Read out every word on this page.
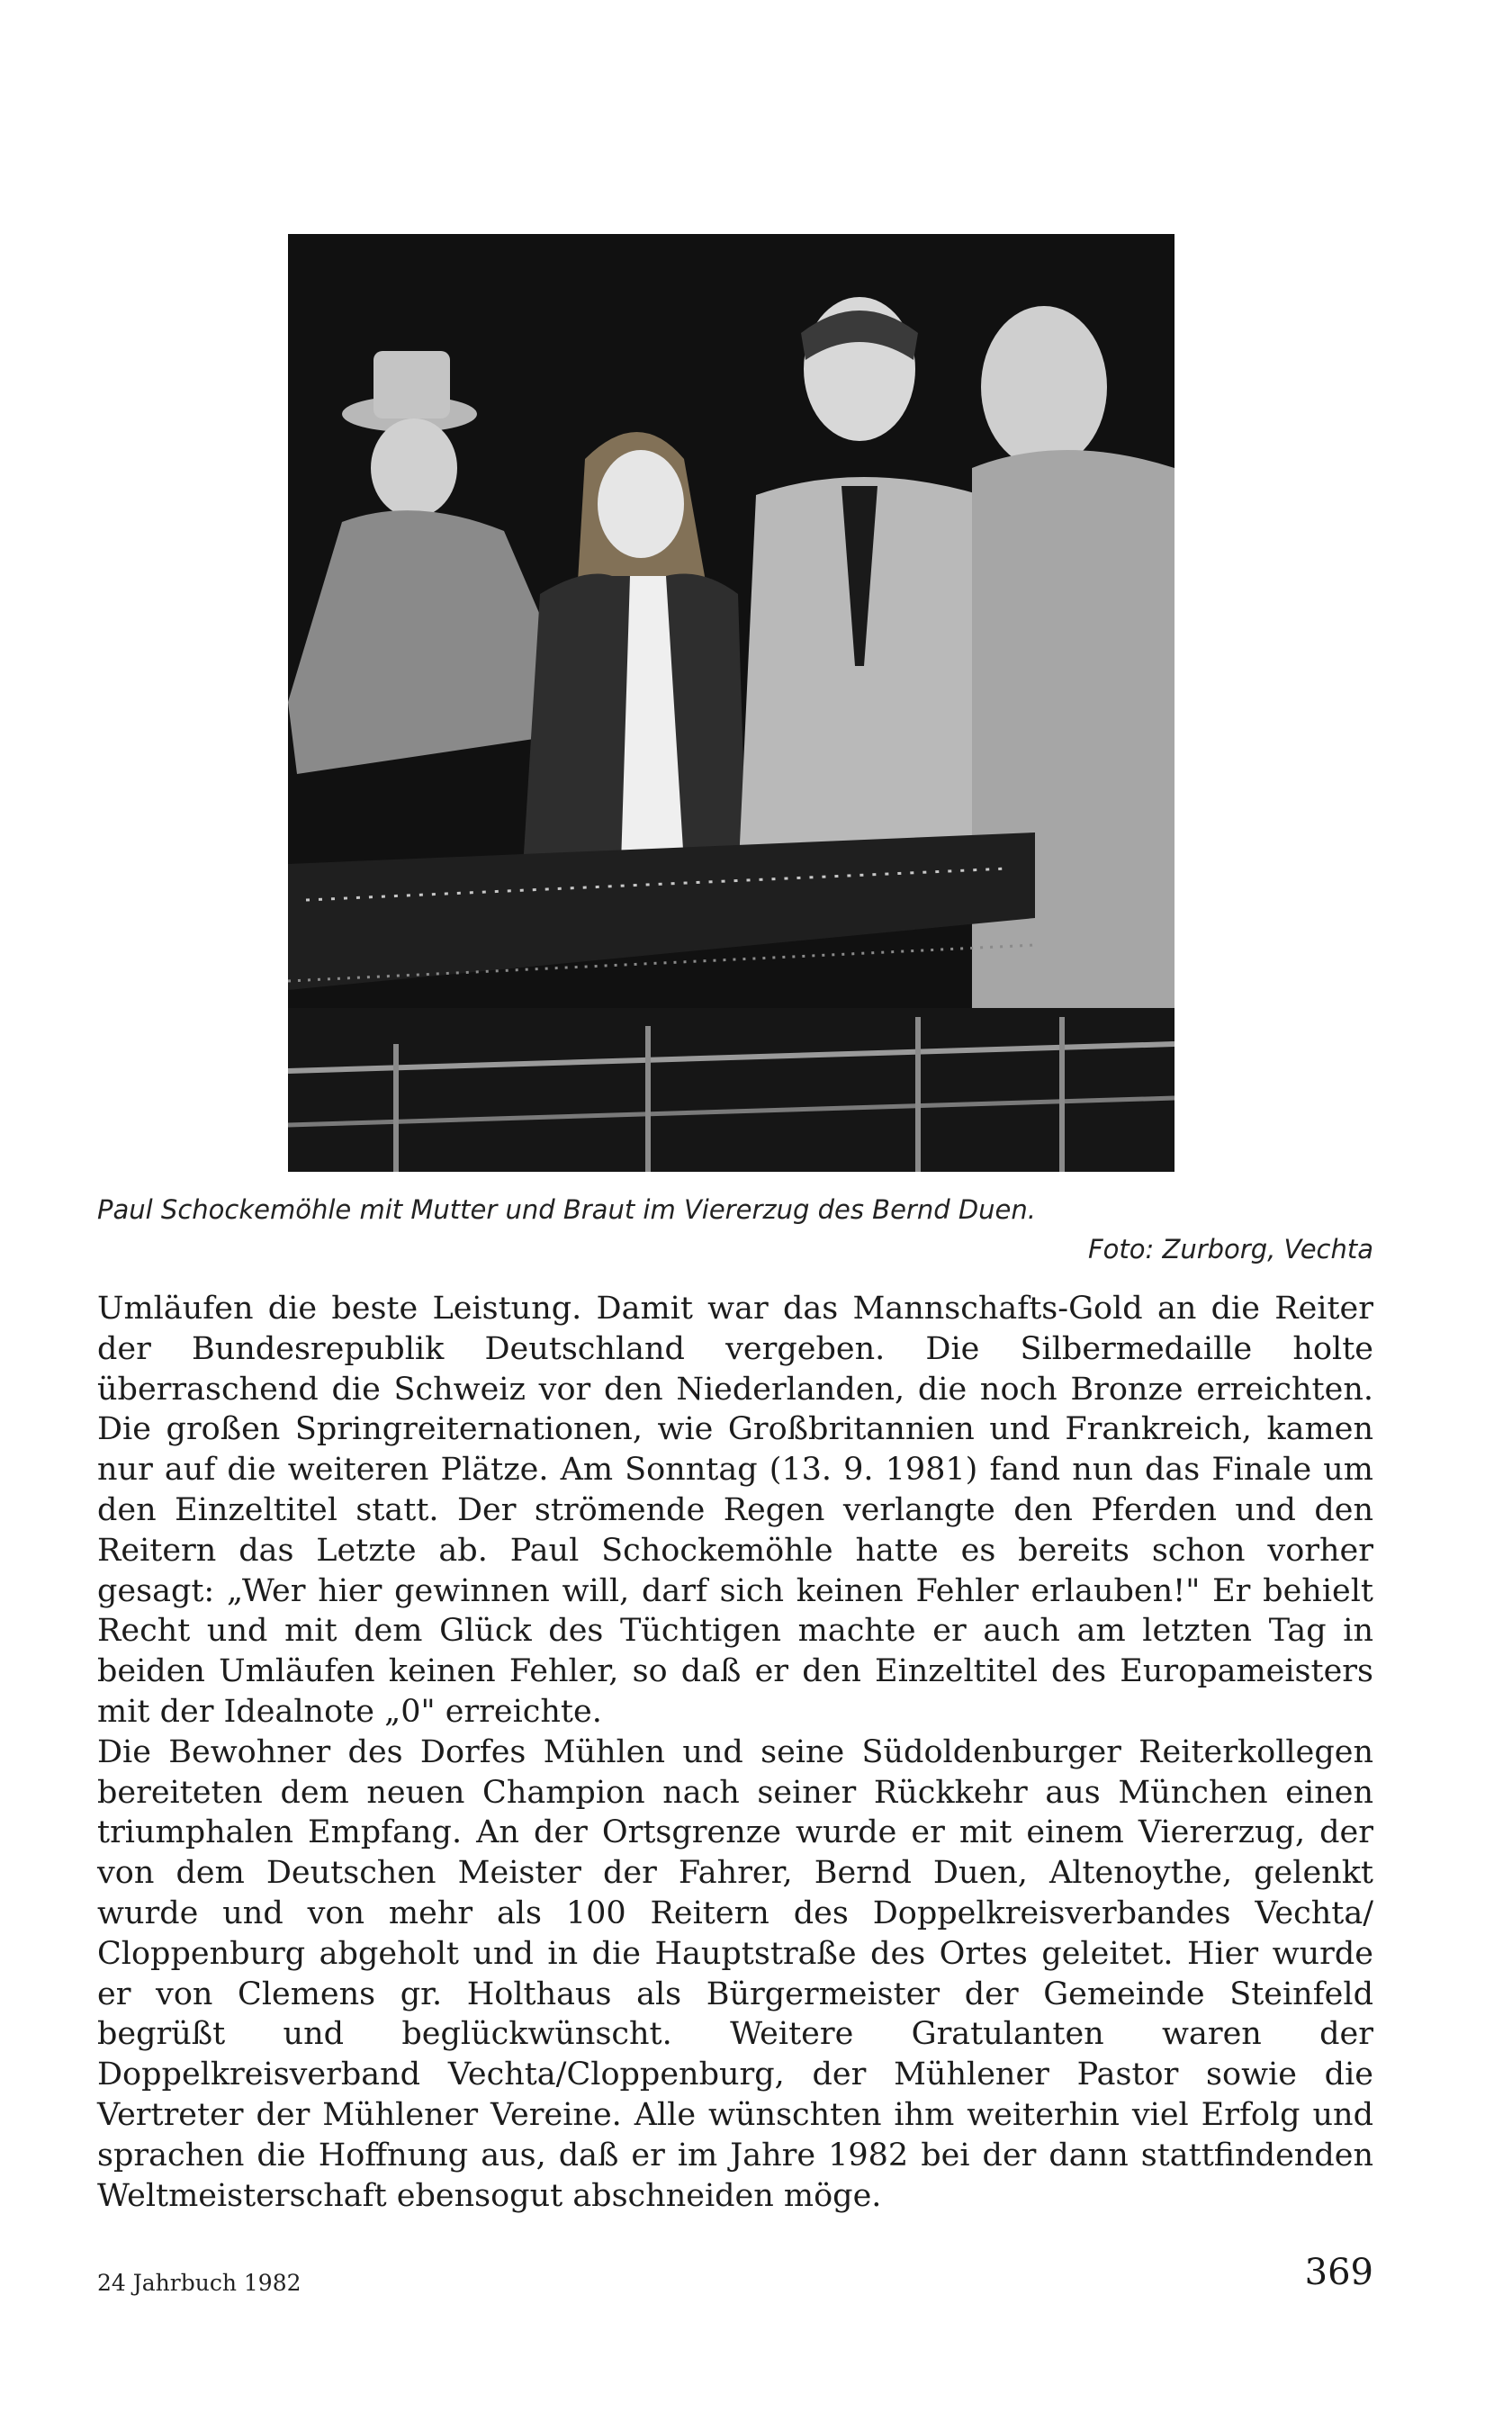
Paul Schockemöhle mit Mutter und Braut im Viererzug des Bernd Duen.
Foto: Zurborg, Vechta

Umläufen die beste Leistung. Damit war das Mannschafts-Gold an die Reiter der Bundesrepublik Deutschland vergeben. Die Silbermedaille holte überraschend die Schweiz vor den Niederlanden, die noch Bronze erreichten. Die großen Springreiternationen, wie Großbritannien und Frankreich, kamen nur auf die weiteren Plätze. Am Sonntag (13. 9. 1981) fand nun das Finale um den Einzeltitel statt. Der strömende Regen verlangte den Pferden und den Reitern das Letzte ab. Paul Schockemöhle hatte es bereits schon vorher gesagt: „Wer hier gewinnen will, darf sich keinen Fehler erlauben!" Er behielt Recht und mit dem Glück des Tüchtigen machte er auch am letzten Tag in beiden Umläufen keinen Fehler, so daß er den Einzeltitel des Europameisters mit der Idealnote „0" erreichte.

Die Bewohner des Dorfes Mühlen und seine Südoldenburger Reiterkollegen bereiteten dem neuen Champion nach seiner Rückkehr aus München einen triumphalen Empfang. An der Ortsgrenze wurde er mit einem Viererzug, der von dem Deutschen Meister der Fahrer, Bernd Duen, Altenoythe, gelenkt wurde und von mehr als 100 Reitern des Doppelkreisverbandes Vechta/ Cloppenburg abgeholt und in die Hauptstraße des Ortes geleitet. Hier wurde er von Clemens gr. Holthaus als Bürgermeister der Gemeinde Steinfeld begrüßt und beglückwünscht. Weitere Gratulanten waren der Doppelkreisverband Vechta/Cloppenburg, der Mühlener Pastor sowie die Vertreter der Mühlener Vereine. Alle wünschten ihm weiterhin viel Erfolg und sprachen die Hoffnung aus, daß er im Jahre 1982 bei der dann stattfindenden Weltmeisterschaft ebensogut abschneiden möge.

24 Jahrbuch 1982	369
